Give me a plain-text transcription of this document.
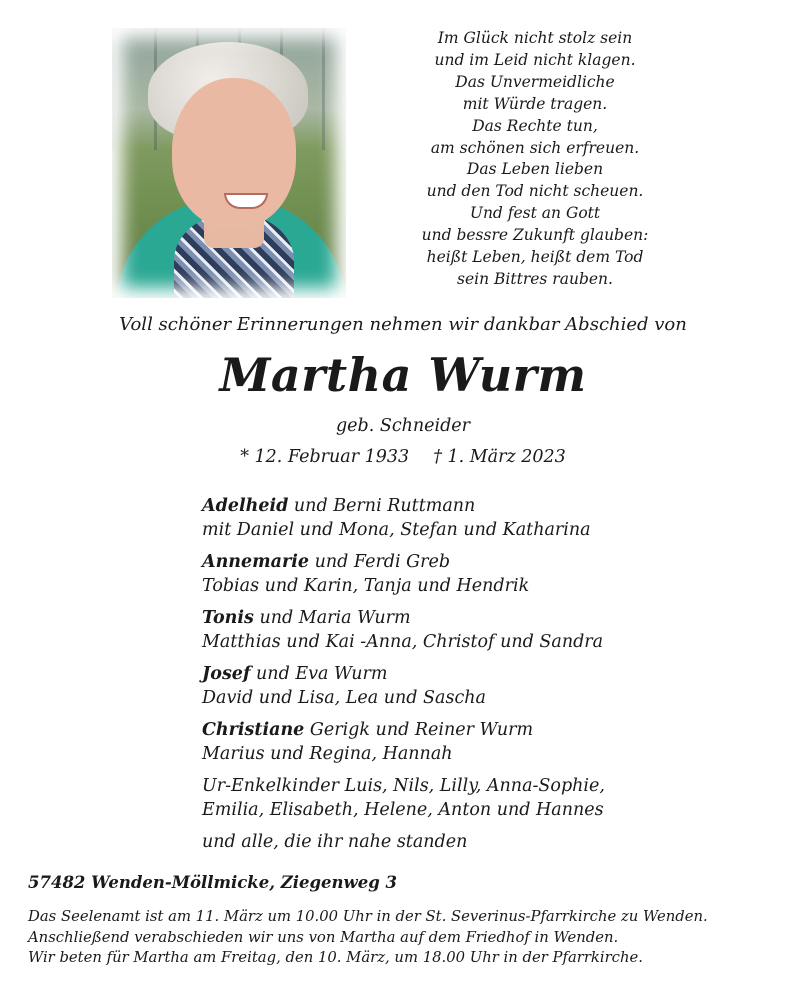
Im Glück nicht stolz sein
und im Leid nicht klagen.
Das Unvermeidliche
mit Würde tragen.
Das Rechte tun,
am schönen sich erfreuen.
Das Leben lieben
und den Tod nicht scheuen.
Und fest an Gott
und bessre Zukunft glauben:
heißt Leben, heißt dem Tod
sein Bittres rauben.
Voll schöner Erinnerungen nehmen wir dankbar Abschied von
Martha Wurm
geb. Schneider
* 12. Februar 1933 † 1. März 2023
Adelheid und Berni Ruttmann
mit Daniel und Mona, Stefan und Katharina
Annemarie und Ferdi Greb
Tobias und Karin, Tanja und Hendrik
Tonis und Maria Wurm
Matthias und Kai -Anna, Christof und Sandra
Josef und Eva Wurm
David und Lisa, Lea und Sascha
Christiane Gerigk und Reiner Wurm
Marius und Regina, Hannah
Ur-Enkelkinder Luis, Nils, Lilly, Anna-Sophie,
Emilia, Elisabeth, Helene, Anton und Hannes
und alle, die ihr nahe standen
57482 Wenden-Möllmicke, Ziegenweg 3
Das Seelenamt ist am 11. März um 10.00 Uhr in der St. Severinus-Pfarrkirche zu Wenden.
Anschließend verabschieden wir uns von Martha auf dem Friedhof in Wenden.
Wir beten für Martha am Freitag, den 10. März, um 18.00 Uhr in der Pfarrkirche.
